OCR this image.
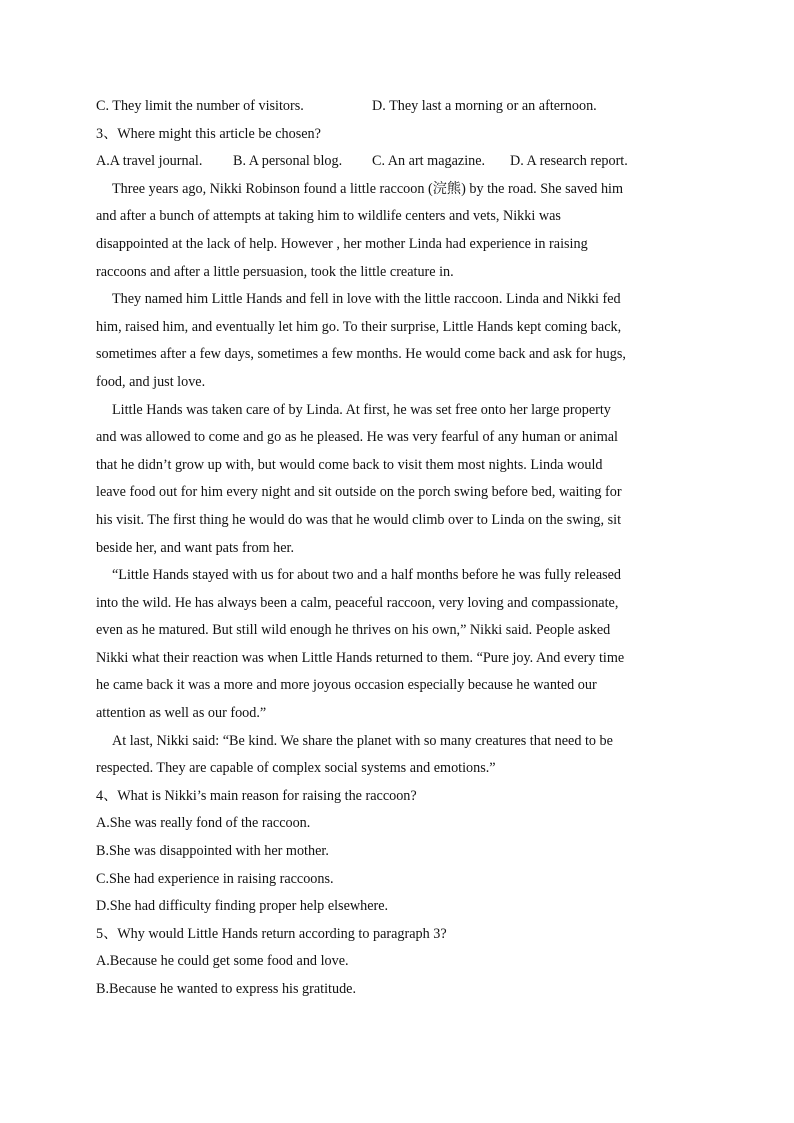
C. They limit the number of visitors.	D. They last a morning or an afternoon.
3、Where might this article be chosen?
A.A travel journal. B. A personal blog. C. An art magazine. D. A research report.
Three years ago, Nikki Robinson found a little raccoon (浣熊) by the road. She saved him
and after a bunch of attempts at taking him to wildlife centers and vets, Nikki was
disappointed at the lack of help. However , her mother Linda had experience in raising
raccoons and after a little persuasion, took the little creature in.
They named him Little Hands and fell in love with the little raccoon. Linda and Nikki fed
him, raised him, and eventually let him go. To their surprise, Little Hands kept coming back,
sometimes after a few days, sometimes a few months. He would come back and ask for hugs,
food, and just love.
Little Hands was taken care of by Linda. At first, he was set free onto her large property
and was allowed to come and go as he pleased. He was very fearful of any human or animal
that he didn’t grow up with, but would come back to visit them most nights. Linda would
leave food out for him every night and sit outside on the porch swing before bed, waiting for
his visit. The first thing he would do was that he would climb over to Linda on the swing, sit
beside her, and want pats from her.
“Little Hands stayed with us for about two and a half months before he was fully released
into the wild. He has always been a calm, peaceful raccoon, very loving and compassionate,
even as he matured. But still wild enough he thrives on his own,” Nikki said. People asked
Nikki what their reaction was when Little Hands returned to them. “Pure joy. And every time
he came back it was a more and more joyous occasion especially because he wanted our
attention as well as our food.”
At last, Nikki said: “Be kind. We share the planet with so many creatures that need to be
respected. They are capable of complex social systems and emotions.”
4、What is Nikki’s main reason for raising the raccoon?
A.She was really fond of the raccoon.
B.She was disappointed with her mother.
C.She had experience in raising raccoons.
D.She had difficulty finding proper help elsewhere.
5、Why would Little Hands return according to paragraph 3?
A.Because he could get some food and love.
B.Because he wanted to express his gratitude.
